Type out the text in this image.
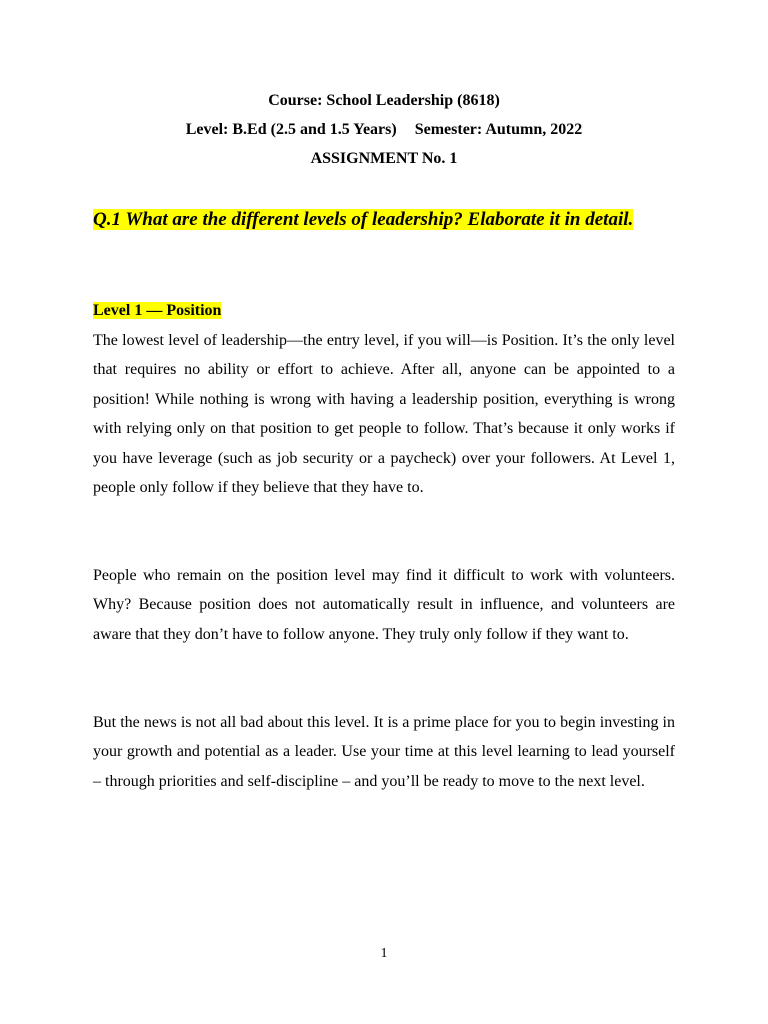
Course: School Leadership (8618)
Level: B.Ed (2.5 and 1.5 Years) Semester: Autumn, 2022
ASSIGNMENT No. 1
Q.1 What are the different levels of leadership? Elaborate it in detail.
Level 1 — Position

The lowest level of leadership—the entry level, if you will—is Position. It’s the only level that requires no ability or effort to achieve. After all, anyone can be appointed to a position! While nothing is wrong with having a leadership position, everything is wrong with relying only on that position to get people to follow. That’s because it only works if you have leverage (such as job security or a paycheck) over your followers. At Level 1, people only follow if they believe that they have to.

People who remain on the position level may find it difficult to work with volunteers. Why? Because position does not automatically result in influence, and volunteers are aware that they don’t have to follow anyone. They truly only follow if they want to.

But the news is not all bad about this level. It is a prime place for you to begin investing in your growth and potential as a leader. Use your time at this level learning to lead yourself – through priorities and self-discipline – and you’ll be ready to move to the next level.

1
